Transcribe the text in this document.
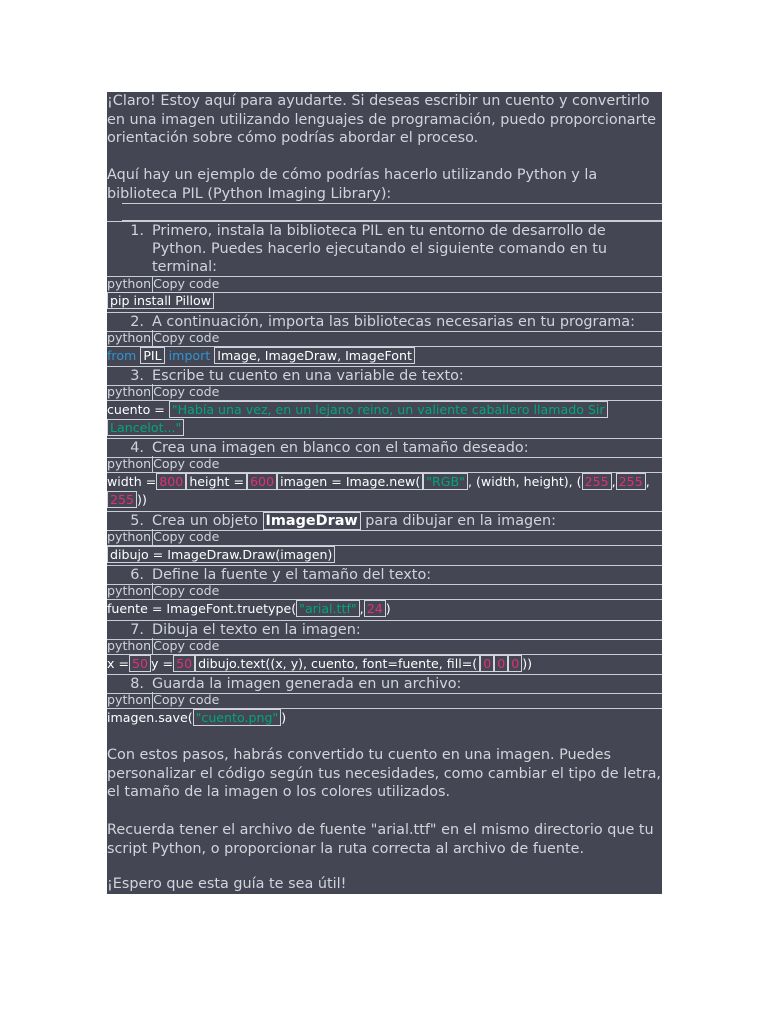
¡Claro! Estoy aquí para ayudarte. Si deseas escribir un cuento y convertirlo en una imagen utilizando lenguajes de programación, puedo proporcionarte orientación sobre cómo podrías abordar el proceso.
Aquí hay un ejemplo de cómo podrías hacerlo utilizando Python y la biblioteca PIL (Python Imaging Library):
1. Primero, instala la biblioteca PIL en tu entorno de desarrollo de Python. Puedes hacerlo ejecutando el siguiente comando en tu terminal:
python Copy code
pip install Pillow
2. A continuación, importa las bibliotecas necesarias en tu programa:
python Copy code
from PIL import Image, ImageDraw, ImageFont
3. Escribe tu cuento en una variable de texto:
python Copy code
cuento = "Había una vez, en un lejano reino, un valiente caballero llamado Sir
Lancelot..."
4. Crea una imagen en blanco con el tamaño deseado:
python Copy code
width = 800 height = 600 imagen = Image.new( "RGB" , (width, height), ( 255 , 255 ,
255 ))
5. Crea un objeto ImageDraw para dibujar en la imagen:
python Copy code
dibujo = ImageDraw.Draw(imagen)
6. Define la fuente y el tamaño del texto:
python Copy code
fuente = ImageFont.truetype( "arial.ttf" , 24 )
7. Dibuja el texto en la imagen:
python Copy code
x = 50 y = 50 dibujo.text((x, y), cuento, font=fuente, fill=( 0 0 0 ))
8. Guarda la imagen generada en un archivo:
python Copy code
imagen.save( "cuento.png" )
Con estos pasos, habrás convertido tu cuento en una imagen. Puedes personalizar el código según tus necesidades, como cambiar el tipo de letra, el tamaño de la imagen o los colores utilizados.
Recuerda tener el archivo de fuente "arial.ttf" en el mismo directorio que tu script Python, o proporcionar la ruta correcta al archivo de fuente.
¡Espero que esta guía te sea útil!
